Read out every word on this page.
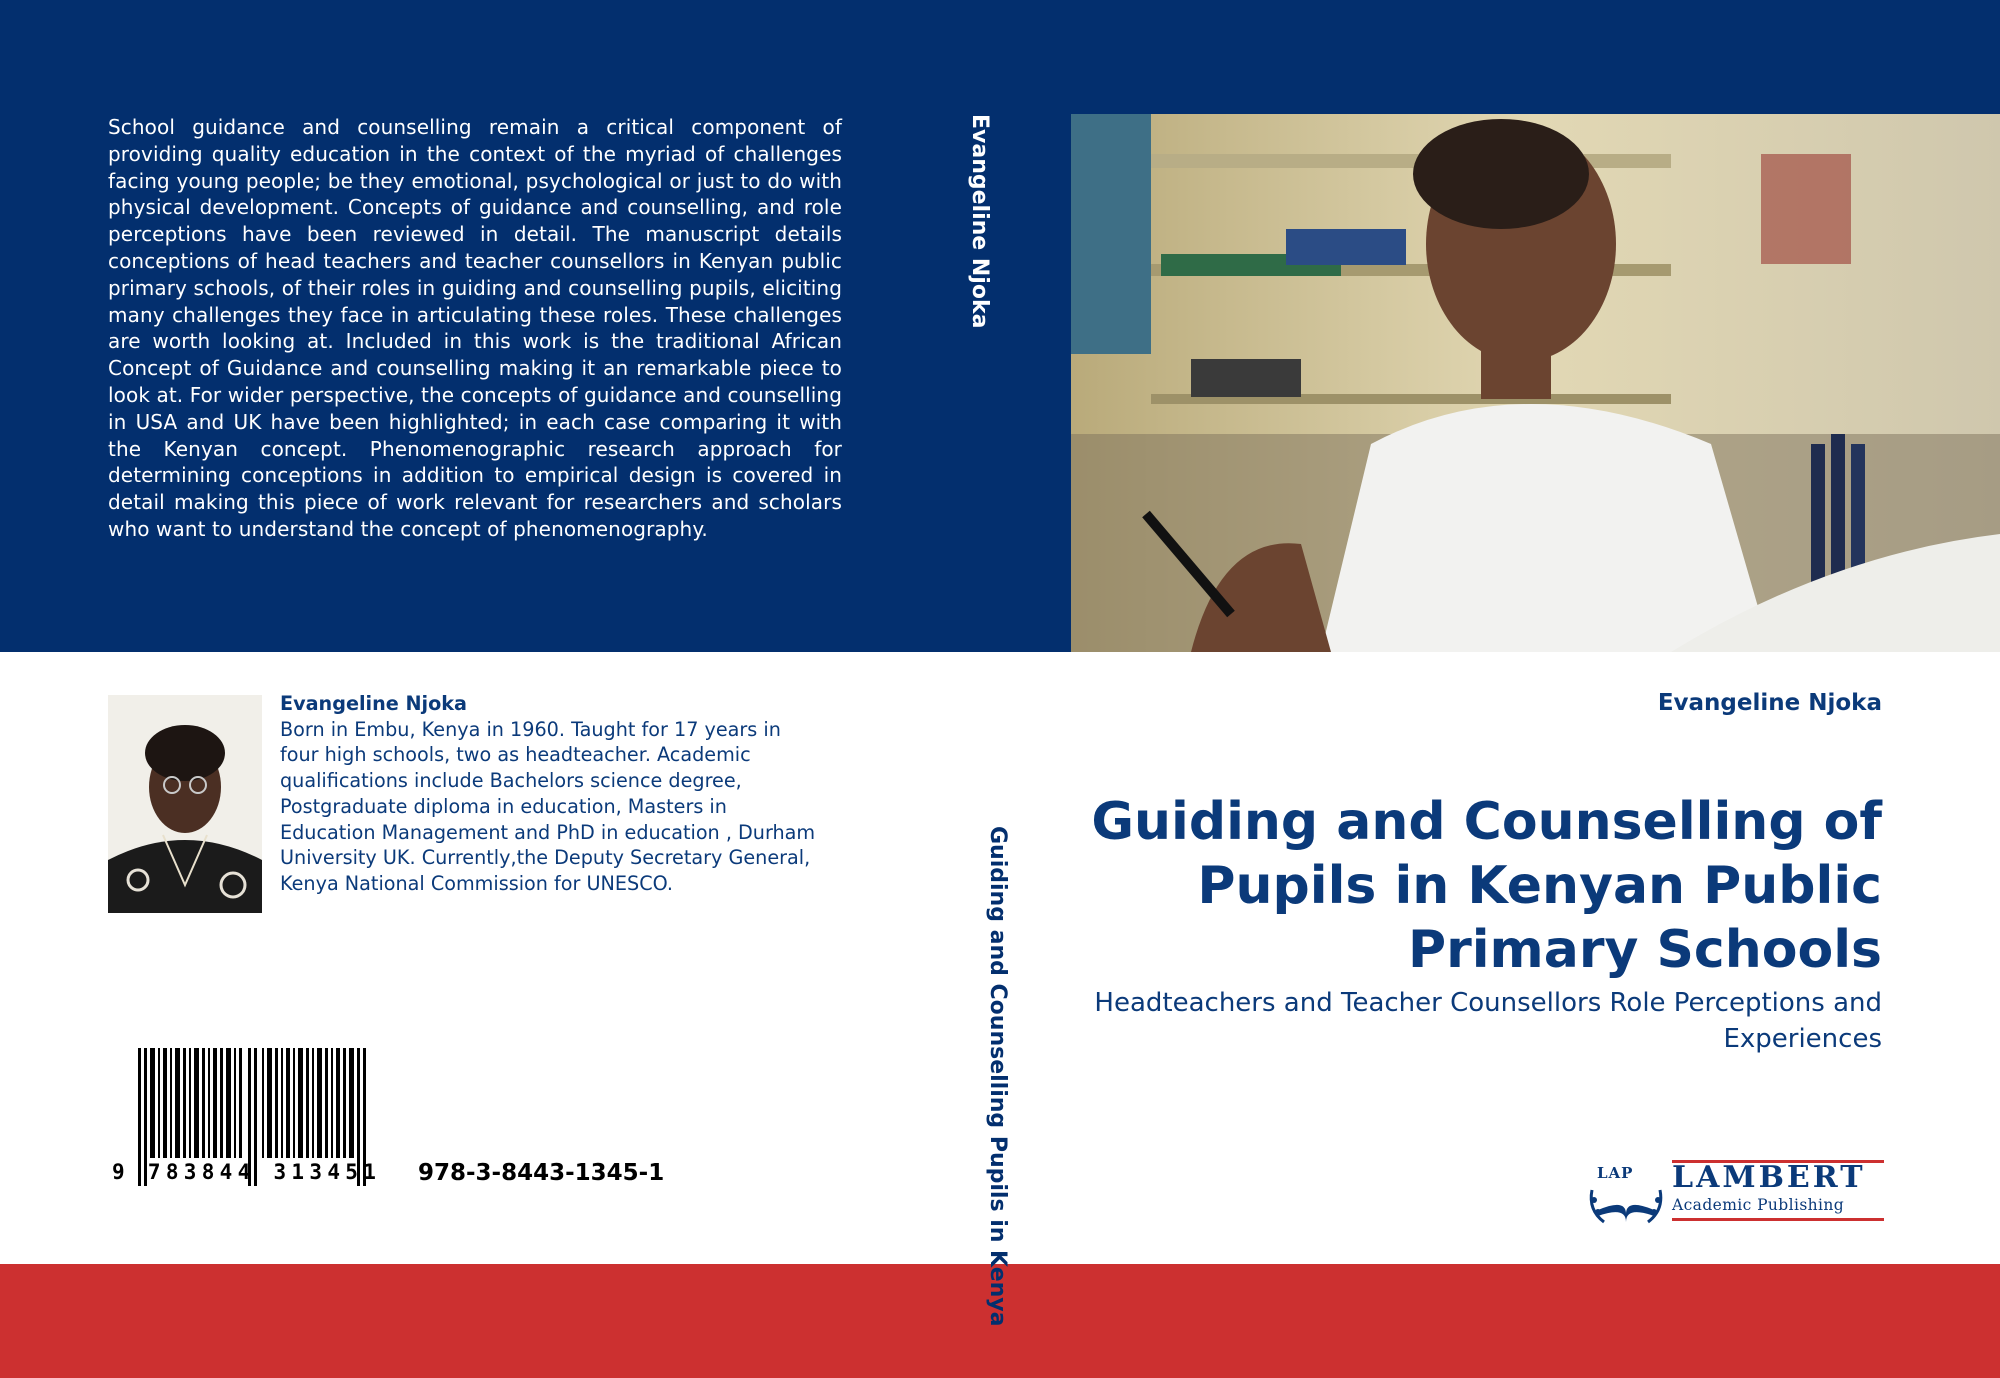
School guidance and counselling remain a critical component of providing quality education in the context of the myriad of challenges facing young people; be they emotional, psychological or just to do with physical development. Concepts of guidance and counselling, and role perceptions have been reviewed in detail. The manuscript details conceptions of head teachers and teacher counsellors in Kenyan public primary schools, of their roles in guiding and counselling pupils, eliciting many challenges they face in articulating these roles. These challenges are worth looking at. Included in this work is the traditional African Concept of Guidance and counselling making it an remarkable piece to look at. For wider perspective, the concepts of guidance and counselling in USA and UK have been highlighted; in each case comparing it with the Kenyan concept. Phenomenographic research approach for determining conceptions in addition to empirical design is covered in detail making this piece of work relevant for researchers and scholars who want to understand the concept of phenomenography.
Evangeline Njoka
Guiding and Counselling Pupils in Kenya
Evangeline Njoka
Born in Embu, Kenya in 1960. Taught for 17 years in four high schools, two as headteacher. Academic qualifications include Bachelors science degree, Postgraduate diploma in education, Masters in Education Management and PhD in education , Durham University UK. Currently,the Deputy Secretary General, Kenya National Commission for UNESCO.
9 783844 313451	978-3-8443-1345-1
Evangeline Njoka
Guiding and Counselling of Pupils in Kenyan Public Primary Schools
Headteachers and Teacher Counsellors Role Perceptions and Experiences
LAP LAMBERT
Academic Publishing
